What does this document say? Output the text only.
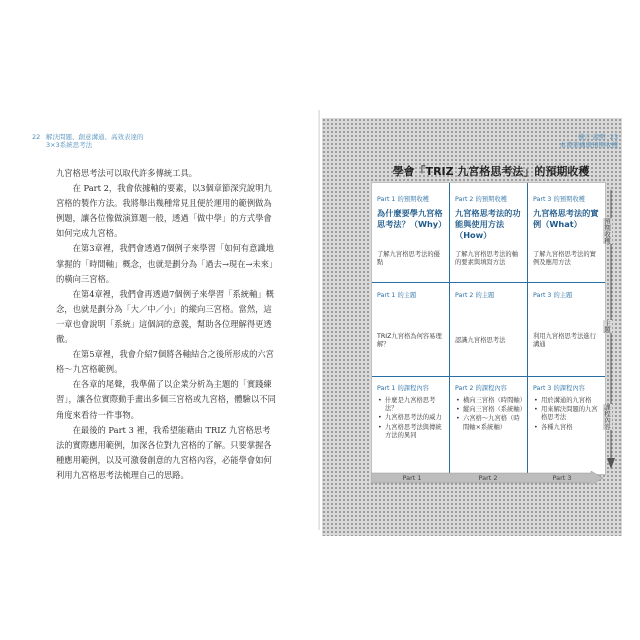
22 解決問題、創意溝通、高效表達的
3×3系統思考法

九宮格思考法可以取代許多傳統工具。

在 Part 2，我會依據軸的要素，以3個章節深究說明九宮格的製作方法。我將舉出幾種常見且便於運用的範例做為例題，讓各位像做演算題一般，透過「做中學」的方式學會如何完成九宮格。

在第3章裡，我們會透過7個例子來學習「如何有意識地掌握的「時間軸」概念，也就是劃分為「過去→現在→未來」的橫向三宮格。

在第4章裡，我們會再透過7個例子來學習「系統軸」概念，也就是劃分為「大／中／小」的縱向三宮格。當然，這一章也會說明「系統」這個詞的意義，幫助各位理解得更透徹。

在第5章裡，我會介紹7個將各軸結合之後所形成的六宮格～九宮格範例。

在各章的尾聲，我準備了以企業分析為主題的「實踐練習」，讓各位實際動手畫出多個三宮格或九宮格，體驗以不同角度來看待一件事物。

在最後的 Part 3 裡，我希望能藉由 TRIZ 九宮格思考法的實際應用範例，加深各位對九宮格的了解。只要掌握各種應用範例，以及可激發創意的九宮格內容，必能學會如何利用九宮格思考法梳理自己的思路。

導言 說明 23
本書架構與預期收穫
學會「TRIZ 九宮格思考法」的預期收穫
Part 1 的預期收穫
為什麼要學九宮格思考法？（Why）
了解九宮格思考法的優點
Part 2 的預期收穫
九宮格思考法的功能與使用方法（How）
了解九宮格思考法的軸的要素與填寫方法
Part 3 的預期收穫
九宮格思考法的實例（What）
了解九宮格思考法的實例及應用方法
Part 1 的主題
TRIZ九宮格為何容易理解？
Part 2 的主題
認識九宮格思考法
Part 3 的主題
利用九宮格思考法進行溝通
Part 1 的課程內容
• 什麼是九宮格思考法？
• 九宮格思考法的威力
• 九宮格思考法與傳統方法的異同
Part 2 的課程內容
• 橫向三宮格（時間軸）
• 縱向三宮格（系統軸）
• 六宮格～九宮格（時間軸×系統軸）
Part 3 的課程內容
• 用於溝通的九宮格
• 用來解決問題的九宮格思考法
• 各種九宮格
預期收穫
主題
課程內容
Part 1	Part 2	Part 3
